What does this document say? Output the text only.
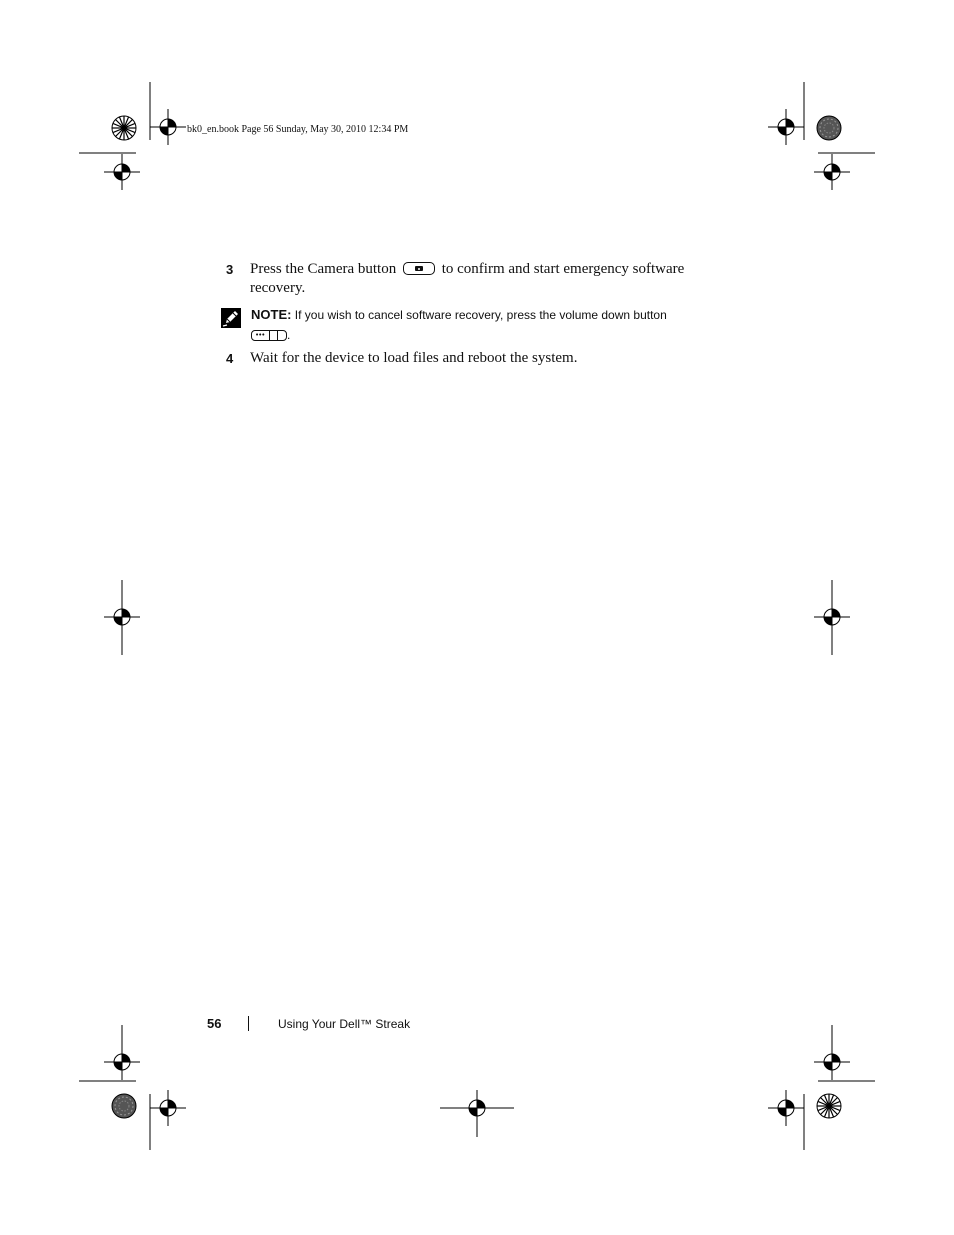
bk0_en.book Page 56 Sunday, May 30, 2010 12:34 PM
3 Press the Camera button	to confirm and start emergency software recovery.
NOTE: If you wish to cancel software recovery, press the volume down button

••• .
4 Wait for the device to load files and reboot the system.
56	Using Your Dell™ Streak
